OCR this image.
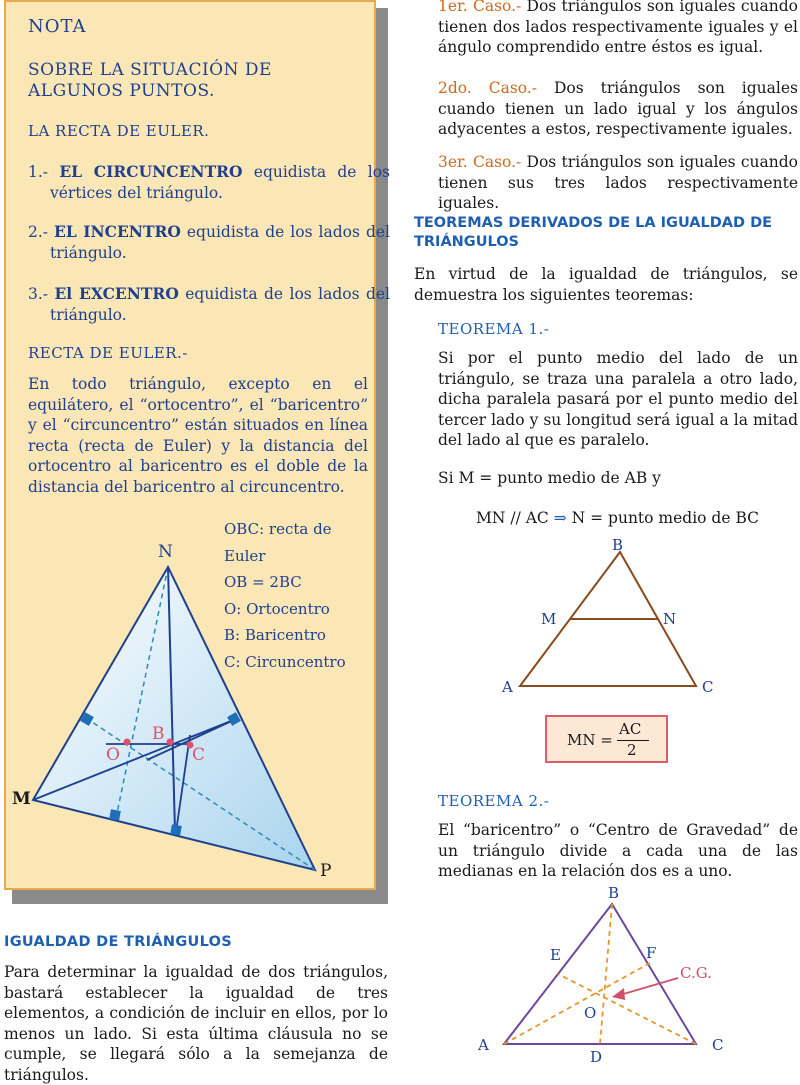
NOTA
SOBRE LA SITUACIÓN DE ALGUNOS PUNTOS.
LA RECTA DE EULER.
1.- EL CIRCUNCENTRO equidista de los vértices del triángulo.
2.- EL INCENTRO equidista de los lados del triángulo.
3.- El EXCENTRO equidista de los lados del triángulo.
RECTA DE EULER.-
En todo triángulo, excepto en el equilátero, el “ortocentro”, el “baricentro” y el “circuncentro” están situados en línea recta (recta de Euler) y la distancia del ortocentro al baricentro es el doble de la distancia del baricentro al circuncentro.
OBC: recta de Euler
OB = 2BC
O: Ortocentro
B: Baricentro
C: Circuncentro
N
M
P
O
B
C
IGUALDAD DE TRIÁNGULOS
Para determinar la igualdad de dos triángulos, bastará establecer la igualdad de tres elementos, a condición de incluir en ellos, por lo menos un lado. Si esta última cláusula no se cumple, se llegará sólo a la semejanza de triángulos.
1er. Caso.- Dos triángulos son iguales cuando tienen dos lados respectivamente iguales y el ángulo comprendido entre éstos es igual.
2do. Caso.- Dos triángulos son iguales cuando tienen un lado igual y los ángulos adyacentes a estos, respectivamente iguales.
3er. Caso.- Dos triángulos son iguales cuando tienen sus tres lados respectivamente iguales.
TEOREMAS DERIVADOS DE LA IGUALDAD DE TRIÁNGULOS
En virtud de la igualdad de triángulos, se demuestra los siguientes teoremas:
TEOREMA 1.-
Si por el punto medio del lado de un triángulo, se traza una paralela a otro lado, dicha paralela pasará por el punto medio del tercer lado y su longitud será igual a la mitad del lado al que es paralelo.
Si M = punto medio de AB y
MN // AC ⇒ N = punto medio de BC
B
M	N
A	C
MN =
AC
2
TEOREMA 2.-
El “baricentro” o “Centro de Gravedad” de un triángulo divide a cada una de las medianas en la relación dos es a uno.
B
E	F
C.G.
O
A
D
C
